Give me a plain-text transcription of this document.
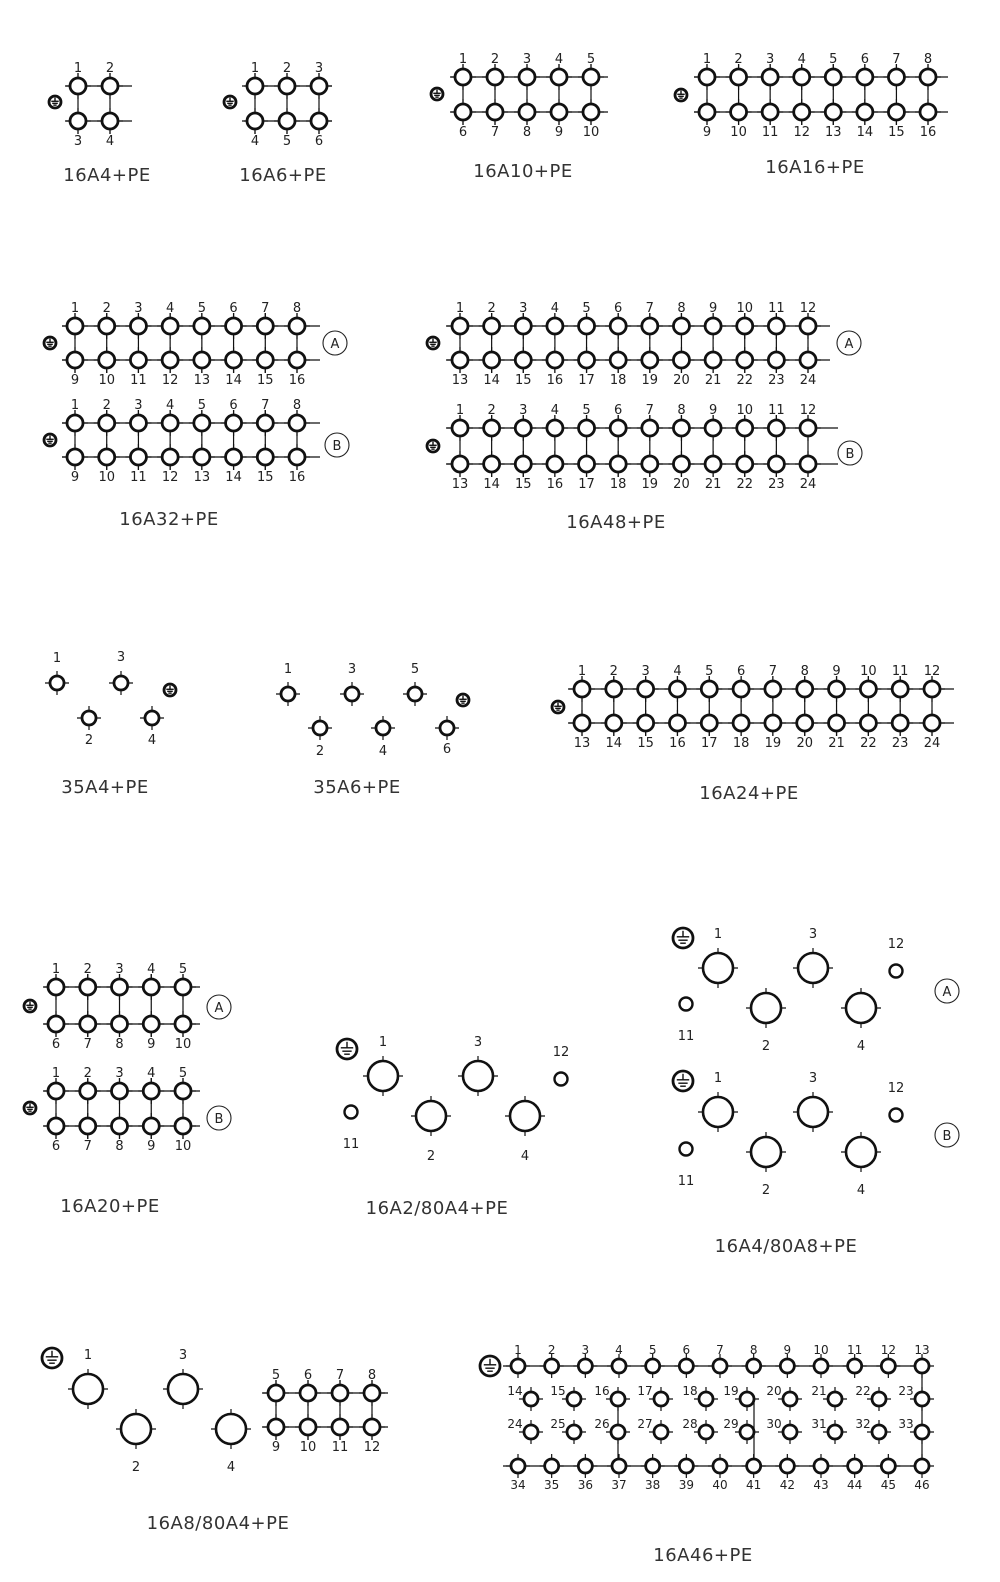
16A4+PE	16A6+PE	16A10+PE	16A16+PE
16A32+PE	16A48+PE
35A4+PE	35A6+PE	16A24+PE
16A20+PE	16A2/80A4+PE
16A4/80A8+PE
16A8/80A4+PE
16A46+PE
1 2
3 4
1 2 3
4 5 6
1 2 3 4 5
6 7 8 9 10
1 2 3 4 5 6 7 8
9 10 11 12 13 14 15 16
1 2 3 4 5 6 7 8
9 10 11 12 13 14 15 16
A
1 2 3 4 5 6 7 8
9 10 11 12 13 14 15 16
B
1 2 3 4 5 6 7 8 9 10 11 12
13 14 15 16 17 18 19 20 21 22 23 24
A
1 2 3 4 5 6 7 8 9 10 11 12
13 14 15 16 17 18 19 20 21 22 23 24
B
1
2
3
4
1
2
3
4
5
6
1 2 3 4 5 6 7 8 9 10 11 12
13 14 15 16 17 18 19 20 21 22 23 24
1 2 3 4 5
6 7 8 9 10
A
1 2 3 4 5
6 7 8 9 10
B
1
2
3
4
11
12
1
2
3
4
11
12
A
1
2
3
4
11
12
B
1
2
3
4
5 6 7 8
9 10 11 12
1 2 3 4 5 6 7 8 9 10 11 12 13
14 15 16 17 18 19 20 21 22 23
24 25 26 27 28 29 30 31 32 33
34 35 36 37 38 39 40 41 42 43 44 45 46
